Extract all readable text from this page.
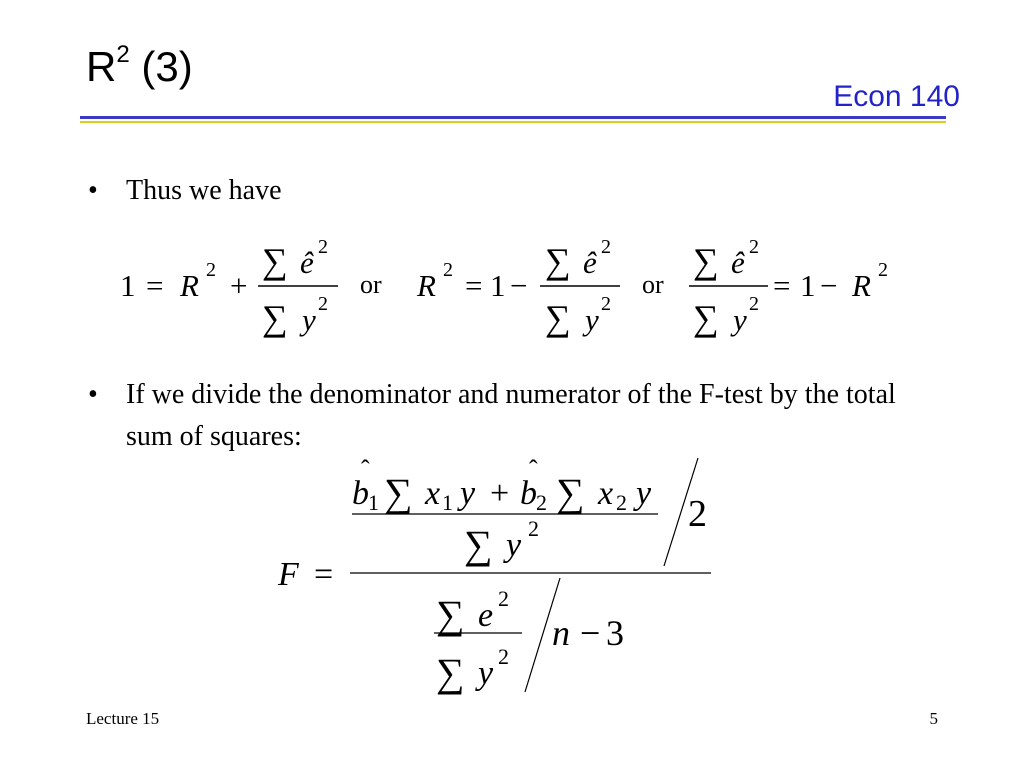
$R^2$ (3)
Econ 140
•	Thus we have
•	If we divide the denominator and numerator of the F-test by the total sum of squares:
1 = R 2 +
∑ ê 2
∑ y 2
or R 2 = 1 −
∑ ê 2
∑ y 2
or
∑ ê 2
∑ y 2
= 1 − R 2
F =
b
ˆ
1 ∑ x 1 y + b
ˆ
2 ∑ x 2 y
∑ y 2	2
∑ e 2
∑ y 2
n − 3
Lecture 15	5
